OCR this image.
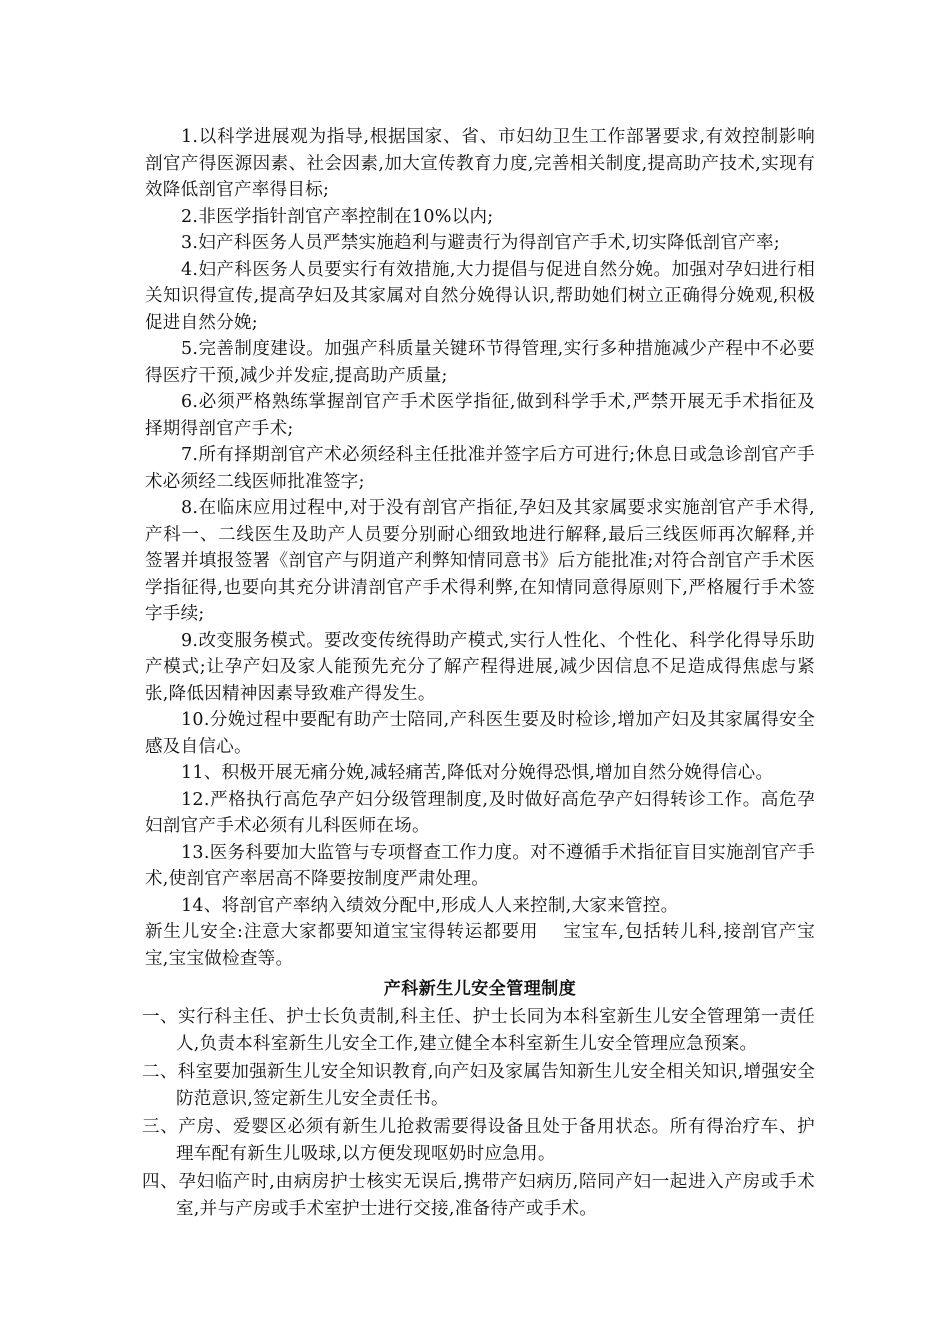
1.以科学进展观为指导,根据国家、省、市妇幼卫生工作部署要求,有效控制影响剖官产得医源因素、社会因素,加大宣传教育力度,完善相关制度,提高助产技术,实现有效降低剖官产率得目标;

2.非医学指针剖官产率控制在10%以内;

3.妇产科医务人员严禁实施趋利与避责行为得剖官产手术,切实降低剖官产率;

4.妇产科医务人员要实行有效措施,大力提倡与促进自然分娩。加强对孕妇进行相关知识得宣传,提高孕妇及其家属对自然分娩得认识,帮助她们树立正确得分娩观,积极促进自然分娩;

5.完善制度建设。加强产科质量关键环节得管理,实行多种措施减少产程中不必要得医疗干预,减少并发症,提高助产质量;

6.必须严格熟练掌握剖官产手术医学指征,做到科学手术,严禁开展无手术指征及择期得剖官产手术;

7.所有择期剖官产术必须经科主任批准并签字后方可进行;休息日或急诊剖官产手术必须经二线医师批准签字;

8.在临床应用过程中,对于没有剖官产指征,孕妇及其家属要求实施剖官产手术得,产科一、二线医生及助产人员要分别耐心细致地进行解释,最后三线医师再次解释,并签署并填报签署《剖官产与阴道产利弊知情同意书》后方能批准;对符合剖官产手术医学指征得,也要向其充分讲清剖官产手术得利弊,在知情同意得原则下,严格履行手术签字手续;

9.改变服务模式。要改变传统得助产模式,实行人性化、个性化、科学化得导乐助产模式;让孕产妇及家人能预先充分了解产程得进展,减少因信息不足造成得焦虑与紧张,降低因精神因素导致难产得发生。

10.分娩过程中要配有助产士陪同,产科医生要及时检诊,增加产妇及其家属得安全感及自信心。

11、积极开展无痛分娩,减轻痛苦,降低对分娩得恐惧,增加自然分娩得信心。

12.严格执行高危孕产妇分级管理制度,及时做好高危孕产妇得转诊工作。高危孕妇剖官产手术必须有儿科医师在场。

13.医务科要加大监管与专项督查工作力度。对不遵循手术指征盲目实施剖官产手术,使剖官产率居高不降要按制度严肃处理。

14、将剖官产率纳入绩效分配中,形成人人来控制,大家来管控。

新生儿安全:注意大家都要知道宝宝得转运都要用　 宝宝车,包括转儿科,接剖官产宝宝,宝宝做检查等。

产科新生儿安全管理制度

一、实行科主任、护士长负责制,科主任、护士长同为本科室新生儿安全管理第一责任人,负责本科室新生儿安全工作,建立健全本科室新生儿安全管理应急预案。

二、科室要加强新生儿安全知识教育,向产妇及家属告知新生儿安全相关知识,增强安全防范意识,签定新生儿安全责任书。

三、产房、爱婴区必须有新生儿抢救需要得设备且处于备用状态。所有得治疗车、护理车配有新生儿吸球,以方便发现呕奶时应急用。

四、孕妇临产时,由病房护士核实无误后,携带产妇病历,陪同产妇一起进入产房或手术室,并与产房或手术室护士进行交接,准备待产或手术。
